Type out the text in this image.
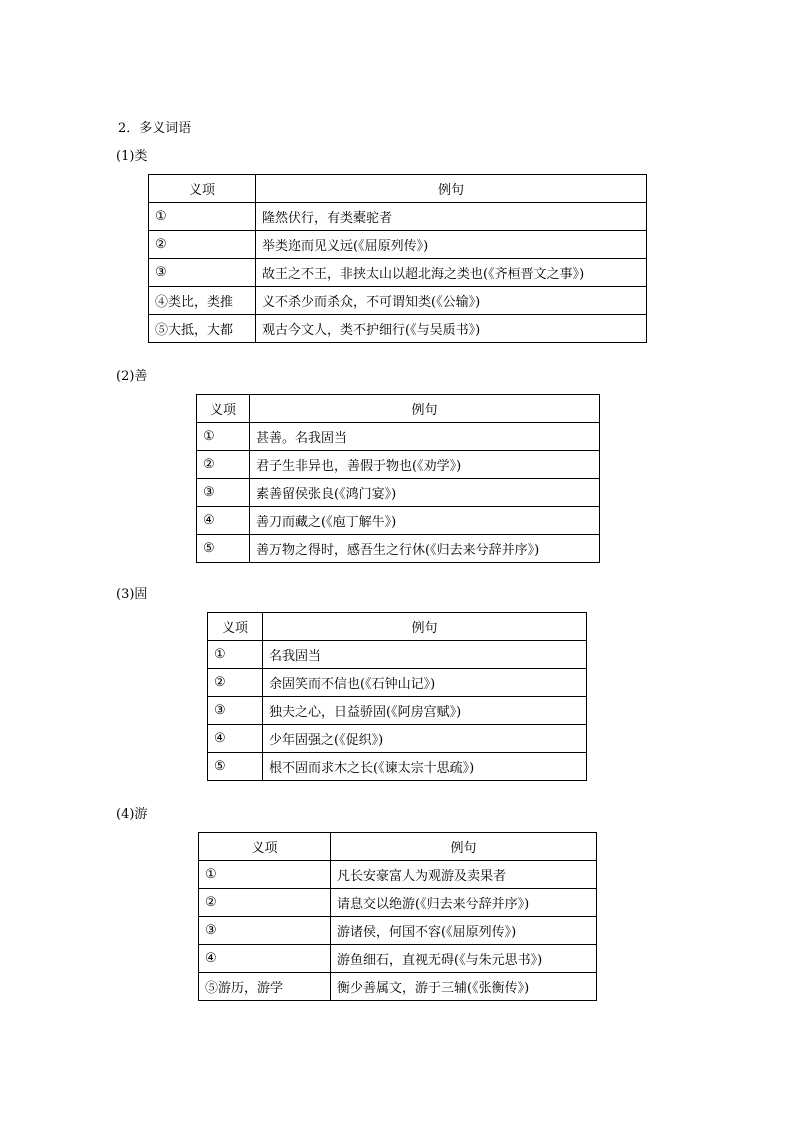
2．多义词语
(1)类
义项	例句
①	隆然伏行，有类橐驼者
②	举类迩而见义远(《屈原列传》)
③	故王之不王，非挟太山以超北海之类也(《齐桓晋文之事》)
④类比，类推	义不杀少而杀众，不可谓知类(《公输》)
⑤大抵，大都	观古今文人，类不护细行(《与吴质书》)
(2)善
义项	例句
①	甚善。名我固当
②	君子生非异也，善假于物也(《劝学》)
③	素善留侯张良(《鸿门宴》)
④	善刀而藏之(《庖丁解牛》)
⑤	善万物之得时，感吾生之行休(《归去来兮辞并序》)
(3)固
义项	例句
①	名我固当
②	余固笑而不信也(《石钟山记》)
③	独夫之心，日益骄固(《阿房宫赋》)
④	少年固强之(《促织》)
⑤	根不固而求木之长(《谏太宗十思疏》)
(4)游
义项	例句
①	凡长安豪富人为观游及卖果者
②	请息交以绝游(《归去来兮辞并序》)
③	游诸侯，何国不容(《屈原列传》)
④	游鱼细石，直视无碍(《与朱元思书》)
⑤游历，游学	衡少善属文，游于三辅(《张衡传》)
